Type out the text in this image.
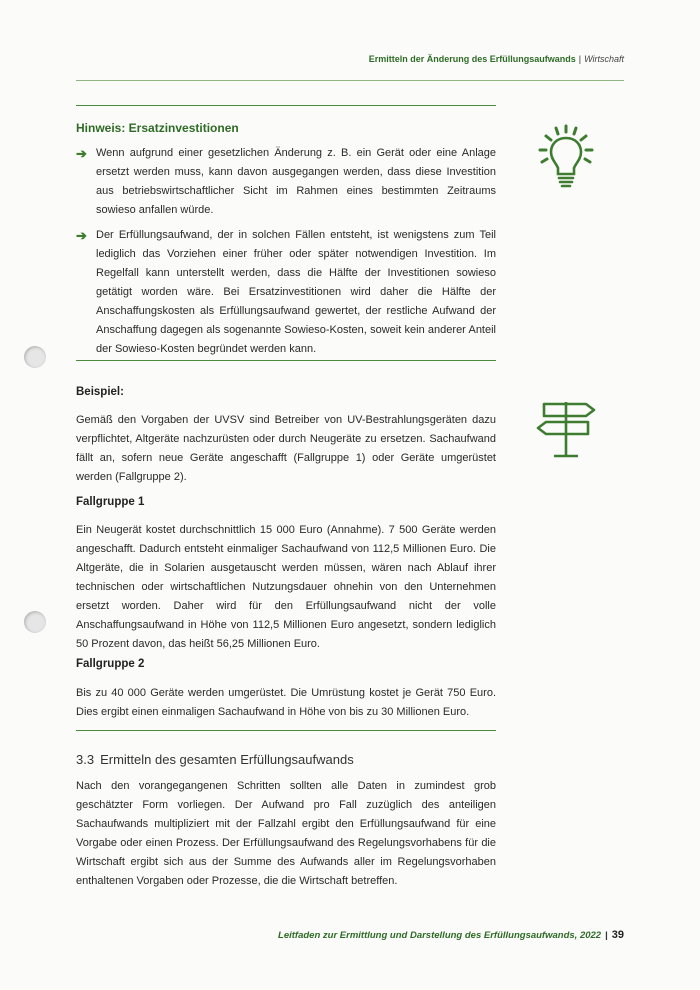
Ermitteln der Änderung des Erfüllungsaufwands | Wirtschaft
Hinweis: Ersatzinvestitionen
➔ Wenn aufgrund einer gesetzlichen Änderung z. B. ein Gerät oder eine Anlage ersetzt werden muss, kann davon ausgegangen werden, dass diese Investition aus betriebswirtschaftlicher Sicht im Rahmen eines bestimmten Zeitraums sowieso anfallen würde.
➔ Der Erfüllungsaufwand, der in solchen Fällen entsteht, ist wenigstens zum Teil lediglich das Vorziehen einer früher oder später notwendigen Investition. Im Regelfall kann unterstellt werden, dass die Hälfte der Investitionen sowieso getätigt worden wäre. Bei Ersatzinvestitionen wird daher die Hälfte der Anschaffungskosten als Erfüllungsaufwand gewertet, der restliche Aufwand der Anschaffung dagegen als sogenannte Sowieso-Kosten, soweit kein anderer Anteil der Sowieso-Kosten begründet werden kann.
Beispiel:
Gemäß den Vorgaben der UVSV sind Betreiber von UV-Bestrahlungsgeräten dazu verpflichtet, Altgeräte nachzurüsten oder durch Neugeräte zu ersetzen. Sachaufwand fällt an, sofern neue Geräte angeschafft (Fallgruppe 1) oder Geräte umgerüstet werden (Fallgruppe 2).
Fallgruppe 1
Ein Neugerät kostet durchschnittlich 15 000 Euro (Annahme). 7 500 Geräte werden angeschafft. Dadurch entsteht einmaliger Sachaufwand von 112,5 Millionen Euro. Die Altgeräte, die in Solarien ausgetauscht werden müssen, wären nach Ablauf ihrer technischen oder wirtschaftlichen Nutzungsdauer ohnehin von den Unternehmen ersetzt worden. Daher wird für den Erfüllungsaufwand nicht der volle Anschaffungsaufwand in Höhe von 112,5 Millionen Euro angesetzt, sondern lediglich 50 Prozent davon, das heißt 56,25 Millionen Euro.
Fallgruppe 2
Bis zu 40 000 Geräte werden umgerüstet. Die Umrüstung kostet je Gerät 750 Euro. Dies ergibt einen einmaligen Sachaufwand in Höhe von bis zu 30 Millionen Euro.
3.3 Ermitteln des gesamten Erfüllungsaufwands
Nach den vorangegangenen Schritten sollten alle Daten in zumindest grob geschätzter Form vorliegen. Der Aufwand pro Fall zuzüglich des anteiligen Sachaufwands multipliziert mit der Fallzahl ergibt den Erfüllungsaufwand für eine Vorgabe oder einen Prozess. Der Erfüllungsaufwand des Regelungsvorhabens für die Wirtschaft ergibt sich aus der Summe des Aufwands aller im Regelungsvorhaben enthaltenen Vorgaben oder Prozesse, die die Wirtschaft betreffen.
Leitfaden zur Ermittlung und Darstellung des Erfüllungsaufwands, 2022 | 39
